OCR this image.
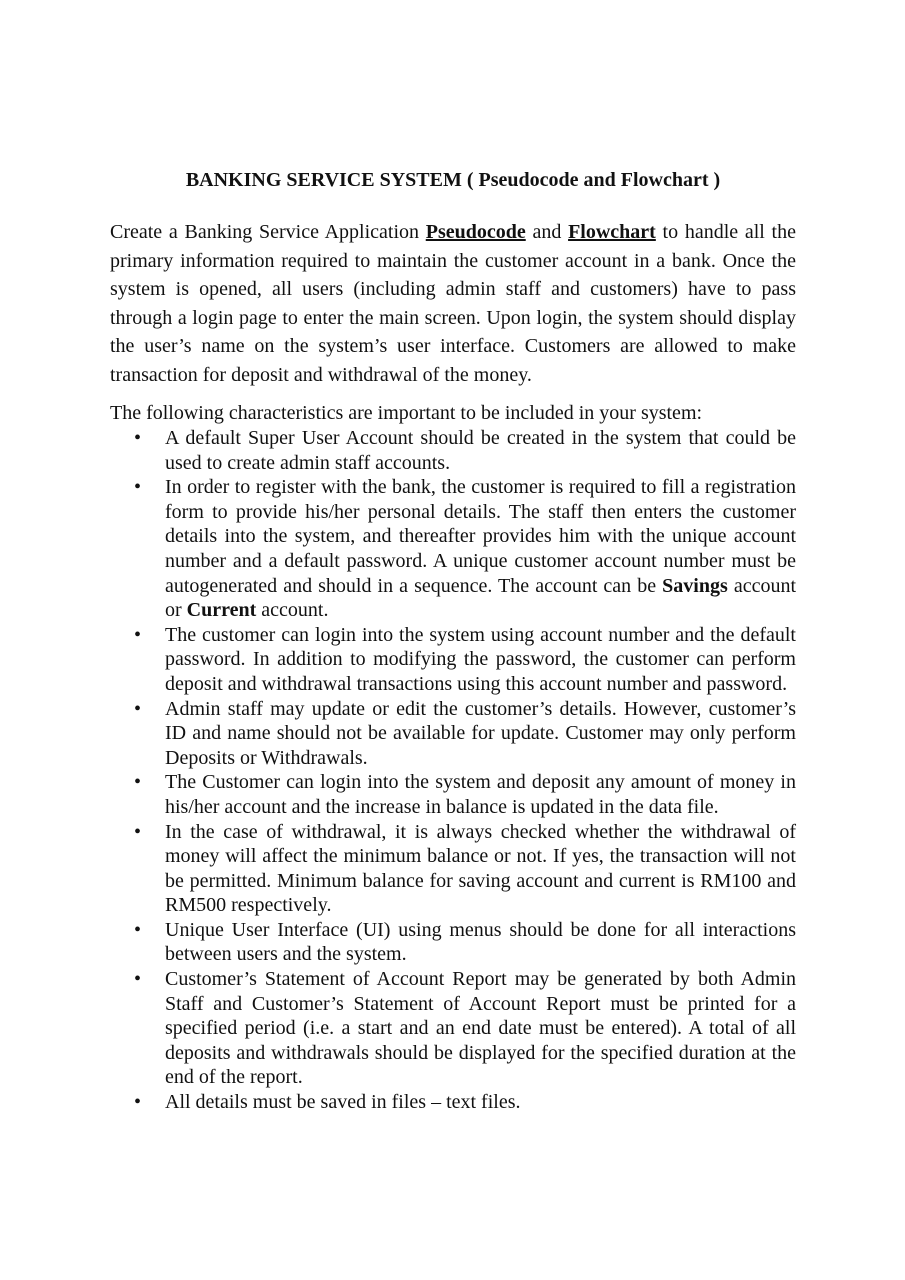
BANKING SERVICE SYSTEM ( Pseudocode and Flowchart )

Create a Banking Service Application Pseudocode and Flowchart to handle all the primary information required to maintain the customer account in a bank. Once the system is opened, all users (including admin staff and customers) have to pass through a login page to enter the main screen. Upon login, the system should display the user’s name on the system’s user interface. Customers are allowed to make transaction for deposit and withdrawal of the money.

The following characteristics are important to be included in your system:

• A default Super User Account should be created in the system that could be used to create admin staff accounts.
• In order to register with the bank, the customer is required to fill a registration form to provide his/her personal details. The staff then enters the customer details into the system, and thereafter provides him with the unique account number and a default password. A unique customer account number must be autogenerated and should in a sequence. The account can be Savings account or Current account.
• The customer can login into the system using account number and the default password. In addition to modifying the password, the customer can perform deposit and withdrawal transactions using this account number and password.
• Admin staff may update or edit the customer’s details. However, customer’s ID and name should not be available for update. Customer may only perform Deposits or Withdrawals.
• The Customer can login into the system and deposit any amount of money in his/her account and the increase in balance is updated in the data file.
• In the case of withdrawal, it is always checked whether the withdrawal of money will affect the minimum balance or not. If yes, the transaction will not be permitted. Minimum balance for saving account and current is RM100 and RM500 respectively.
• Unique User Interface (UI) using menus should be done for all interactions between users and the system.
• Customer’s Statement of Account Report may be generated by both Admin Staff and Customer’s Statement of Account Report must be printed for a specified period (i.e. a start and an end date must be entered). A total of all deposits and withdrawals should be displayed for the specified duration at the end of the report.
• All details must be saved in files – text files.
